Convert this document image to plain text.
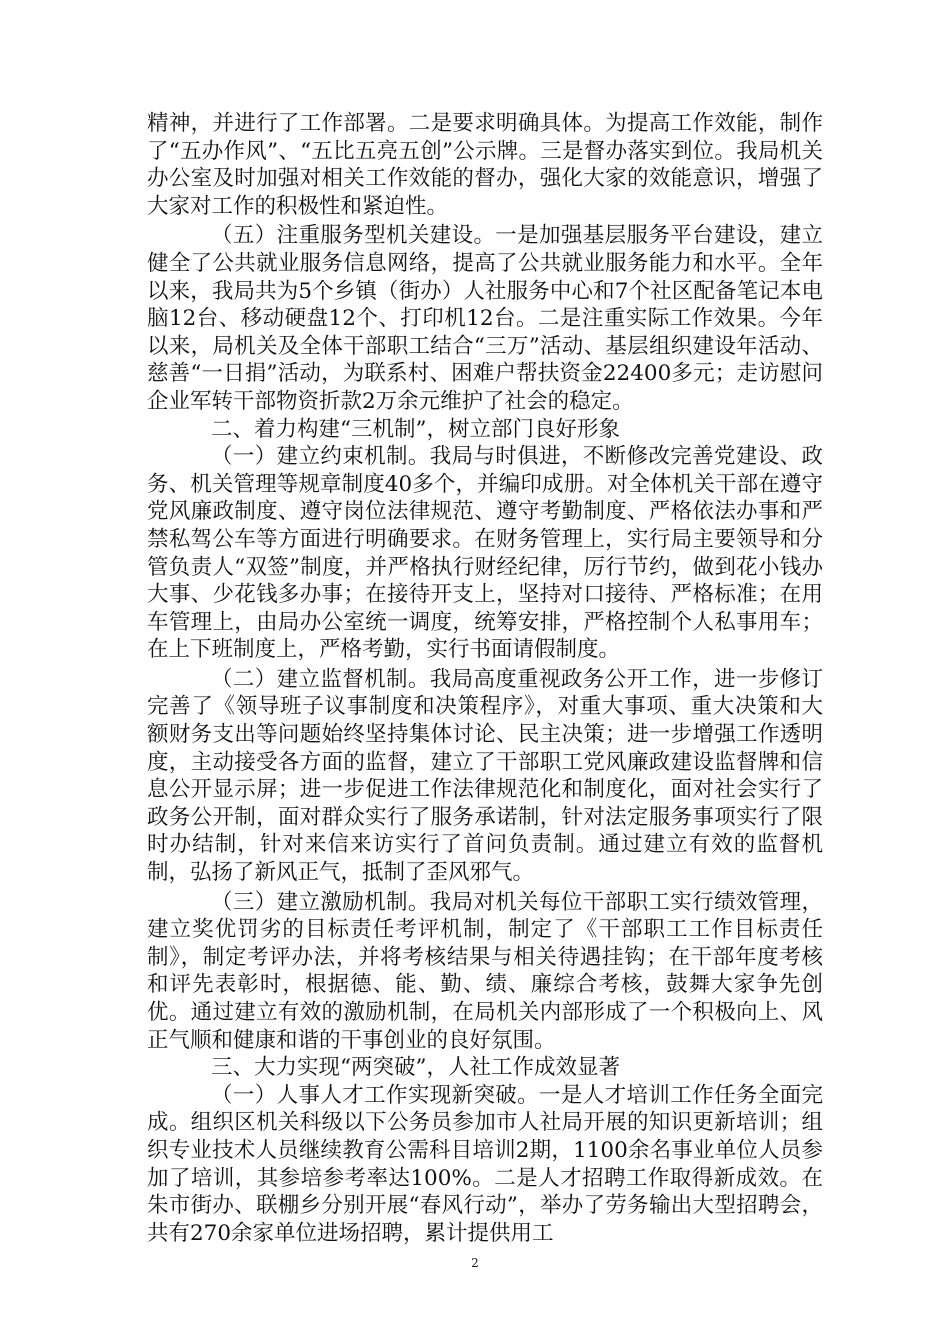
精神，并进行了工作部署。二是要求明确具体。为提高工作效能，制作了“五办作风”、“五比五亮五创”公示牌。三是督办落实到位。我局机关办公室及时加强对相关工作效能的督办，强化大家的效能意识，增强了大家对工作的积极性和紧迫性。

（五）注重服务型机关建设。一是加强基层服务平台建设，建立健全了公共就业服务信息网络，提高了公共就业服务能力和水平。全年以来，我局共为5个乡镇（街办）人社服务中心和7个社区配备笔记本电脑12台、移动硬盘12个、打印机12台。二是注重实际工作效果。今年以来，局机关及全体干部职工结合“三万”活动、基层组织建设年活动、慈善“一日捐”活动，为联系村、困难户帮扶资金22400多元；走访慰问企业军转干部物资折款2万余元维护了社会的稳定。

二、着力构建“三机制”，树立部门良好形象

（一）建立约束机制。我局与时俱进，不断修改完善党建设、政务、机关管理等规章制度40多个，并编印成册。对全体机关干部在遵守党风廉政制度、遵守岗位法律规范、遵守考勤制度、严格依法办事和严禁私驾公车等方面进行明确要求。在财务管理上，实行局主要领导和分管负责人“双签”制度，并严格执行财经纪律，厉行节约，做到花小钱办大事、少花钱多办事；在接待开支上，坚持对口接待、严格标准；在用车管理上，由局办公室统一调度，统筹安排，严格控制个人私事用车；在上下班制度上，严格考勤，实行书面请假制度。

（二）建立监督机制。我局高度重视政务公开工作，进一步修订完善了《领导班子议事制度和决策程序》，对重大事项、重大决策和大额财务支出等问题始终坚持集体讨论、民主决策；进一步增强工作透明度，主动接受各方面的监督，建立了干部职工党风廉政建设监督牌和信息公开显示屏；进一步促进工作法律规范化和制度化，面对社会实行了政务公开制，面对群众实行了服务承诺制，针对法定服务事项实行了限时办结制，针对来信来访实行了首问负责制。通过建立有效的监督机制，弘扬了新风正气，抵制了歪风邪气。

（三）建立激励机制。我局对机关每位干部职工实行绩效管理，建立奖优罚劣的目标责任考评机制，制定了《干部职工工作目标责任制》，制定考评办法，并将考核结果与相关待遇挂钩；在干部年度考核和评先表彰时，根据德、能、勤、绩、廉综合考核，鼓舞大家争先创优。通过建立有效的激励机制，在局机关内部形成了一个积极向上、风正气顺和健康和谐的干事创业的良好氛围。

三、大力实现“两突破”，人社工作成效显著

（一）人事人才工作实现新突破。一是人才培训工作任务全面完成。组织区机关科级以下公务员参加市人社局开展的知识更新培训；组织专业技术人员继续教育公需科目培训2期，1100余名事业单位人员参加了培训，其参培参考率达100%。二是人才招聘工作取得新成效。在朱市街办、联棚乡分别开展“春风行动”，举办了劳务输出大型招聘会，共有270余家单位进场招聘，累计提供用工

2
